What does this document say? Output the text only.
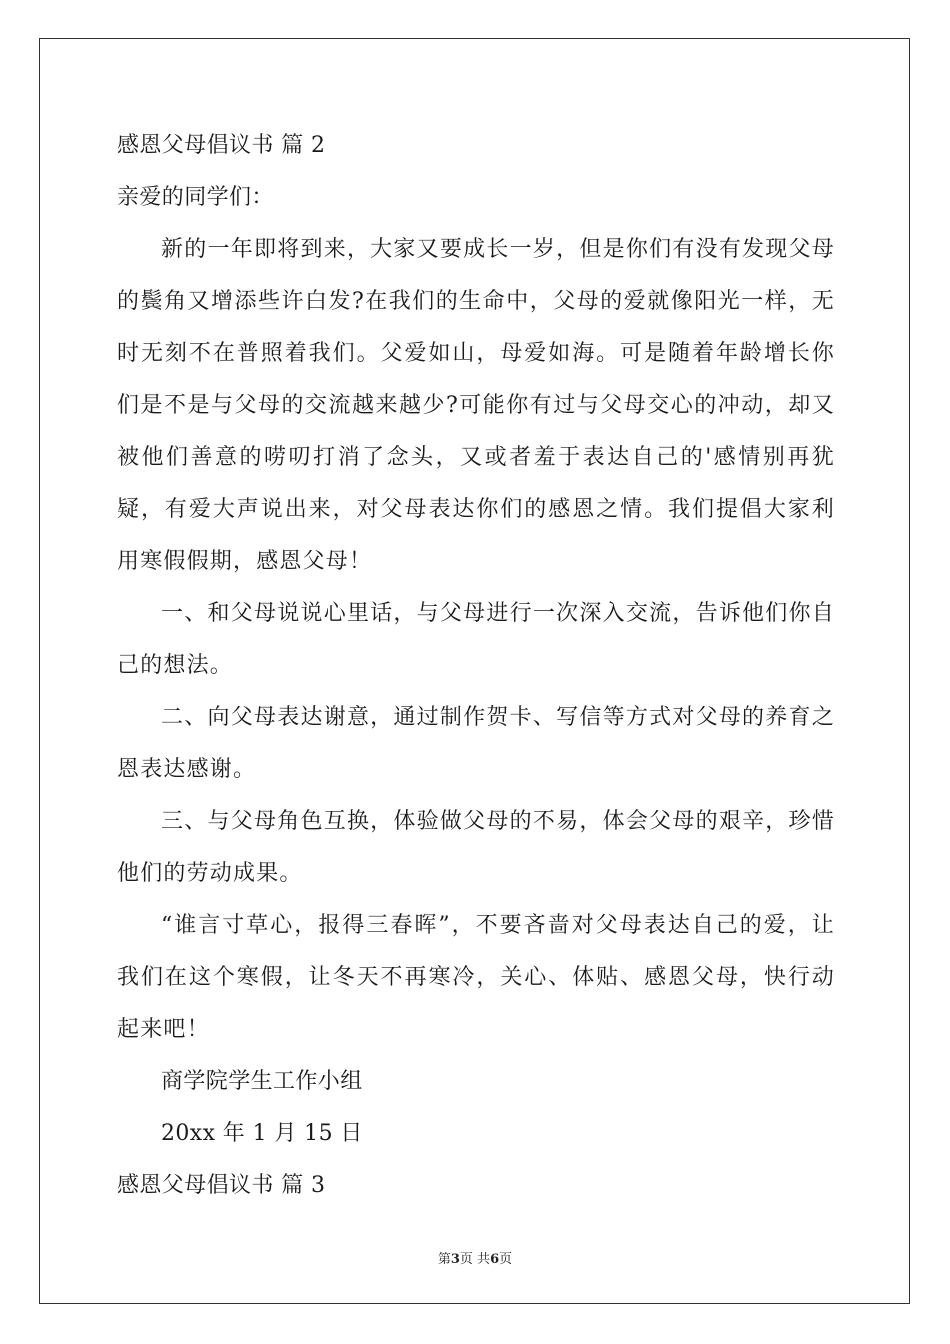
感恩父母倡议书 篇 2
亲爱的同学们：

新的一年即将到来，大家又要成长一岁，但是你们有没有发现父母的鬓角又增添些许白发?在我们的生命中，父母的爱就像阳光一样，无时无刻不在普照着我们。父爱如山，母爱如海。可是随着年龄增长你们是不是与父母的交流越来越少?可能你有过与父母交心的冲动，却又被他们善意的唠叨打消了念头，又或者羞于表达自己的'感情别再犹疑，有爱大声说出来，对父母表达你们的感恩之情。我们提倡大家利用寒假假期，感恩父母！

一、和父母说说心里话，与父母进行一次深入交流，告诉他们你自己的想法。

二、向父母表达谢意，通过制作贺卡、写信等方式对父母的养育之恩表达感谢。

三、与父母角色互换，体验做父母的不易，体会父母的艰辛，珍惜他们的劳动成果。

“谁言寸草心，报得三春晖”，不要吝啬对父母表达自己的爱，让我们在这个寒假，让冬天不再寒冷，关心、体贴、感恩父母，快行动起来吧！

商学院学生工作小组
20xx 年 1 月 15 日
感恩父母倡议书 篇 3
第3页 共6页
